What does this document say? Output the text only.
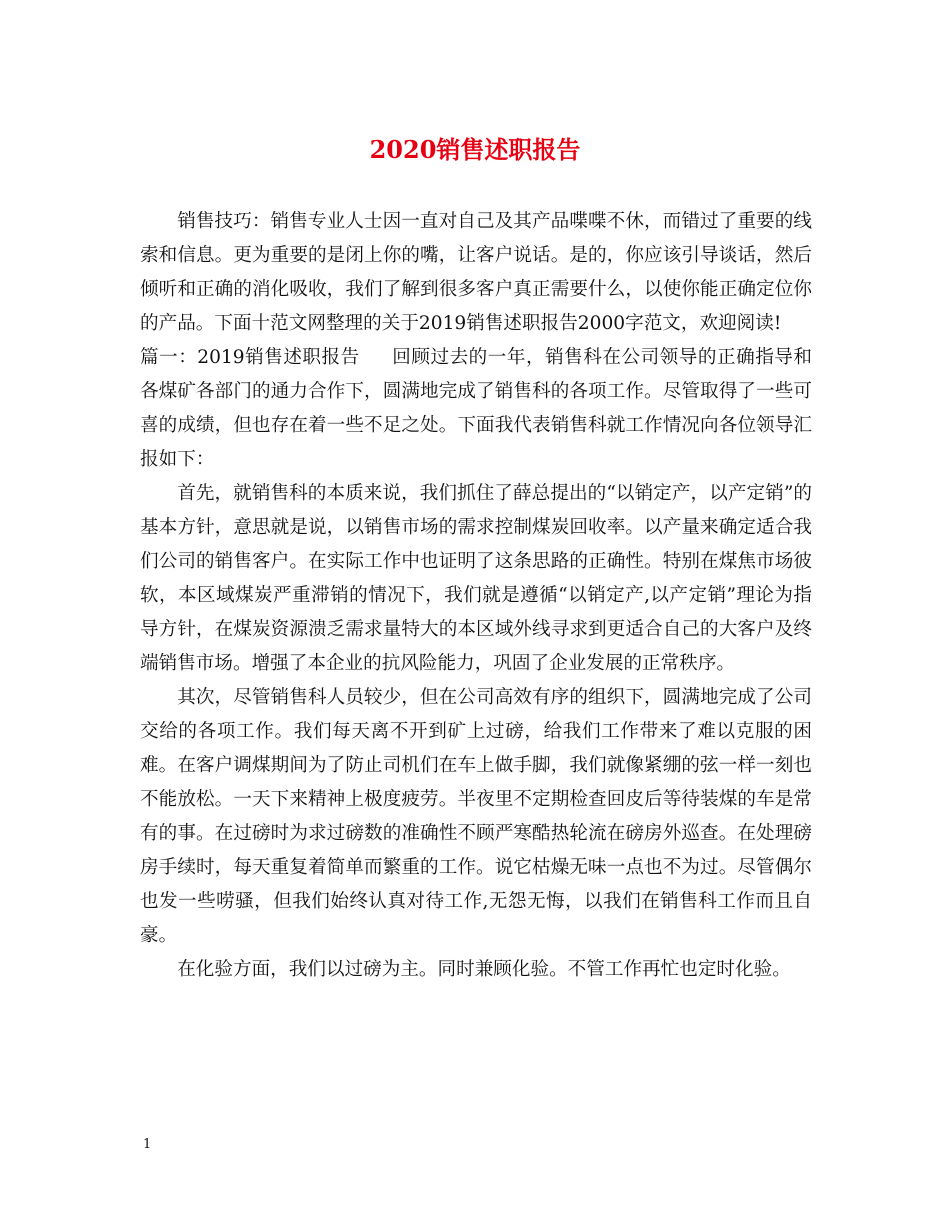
2020销售述职报告

销售技巧：销售专业人士因一直对自己及其产品喋喋不休，而错过了重要的线索和信息。更为重要的是闭上你的嘴，让客户说话。是的，你应该引导谈话，然后倾听和正确的消化吸收，我们了解到很多客户真正需要什么，以使你能正确定位你的产品。下面十范文网整理的关于2019销售述职报告2000字范文，欢迎阅读!

篇一：2019销售述职报告 回顾过去的一年，销售科在公司领导的正确指导和各煤矿各部门的通力合作下，圆满地完成了销售科的各项工作。尽管取得了一些可喜的成绩，但也存在着一些不足之处。下面我代表销售科就工作情况向各位领导汇报如下：

首先，就销售科的本质来说，我们抓住了薛总提出的“以销定产，以产定销”的基本方针，意思就是说，以销售市场的需求控制煤炭回收率。以产量来确定适合我们公司的销售客户。在实际工作中也证明了这条思路的正确性。特别在煤焦市场彼软，本区域煤炭严重滞销的情况下，我们就是遵循“以销定产,以产定销”理论为指导方针，在煤炭资源溃乏需求量特大的本区域外线寻求到更适合自己的大客户及终端销售市场。增强了本企业的抗风险能力，巩固了企业发展的正常秩序。

其次，尽管销售科人员较少，但在公司高效有序的组织下，圆满地完成了公司交给的各项工作。我们每天离不开到矿上过磅，给我们工作带来了难以克服的困难。在客户调煤期间为了防止司机们在车上做手脚，我们就像紧绷的弦一样一刻也不能放松。一天下来精神上极度疲劳。半夜里不定期检查回皮后等待装煤的车是常有的事。在过磅时为求过磅数的准确性不顾严寒酷热轮流在磅房外巡查。在处理磅房手续时，每天重复着简单而繁重的工作。说它枯燥无味一点也不为过。尽管偶尔也发一些唠骚，但我们始终认真对待工作,无怨无悔，以我们在销售科工作而且自豪。

在化验方面，我们以过磅为主。同时兼顾化验。不管工作再忙也定时化验。

1
